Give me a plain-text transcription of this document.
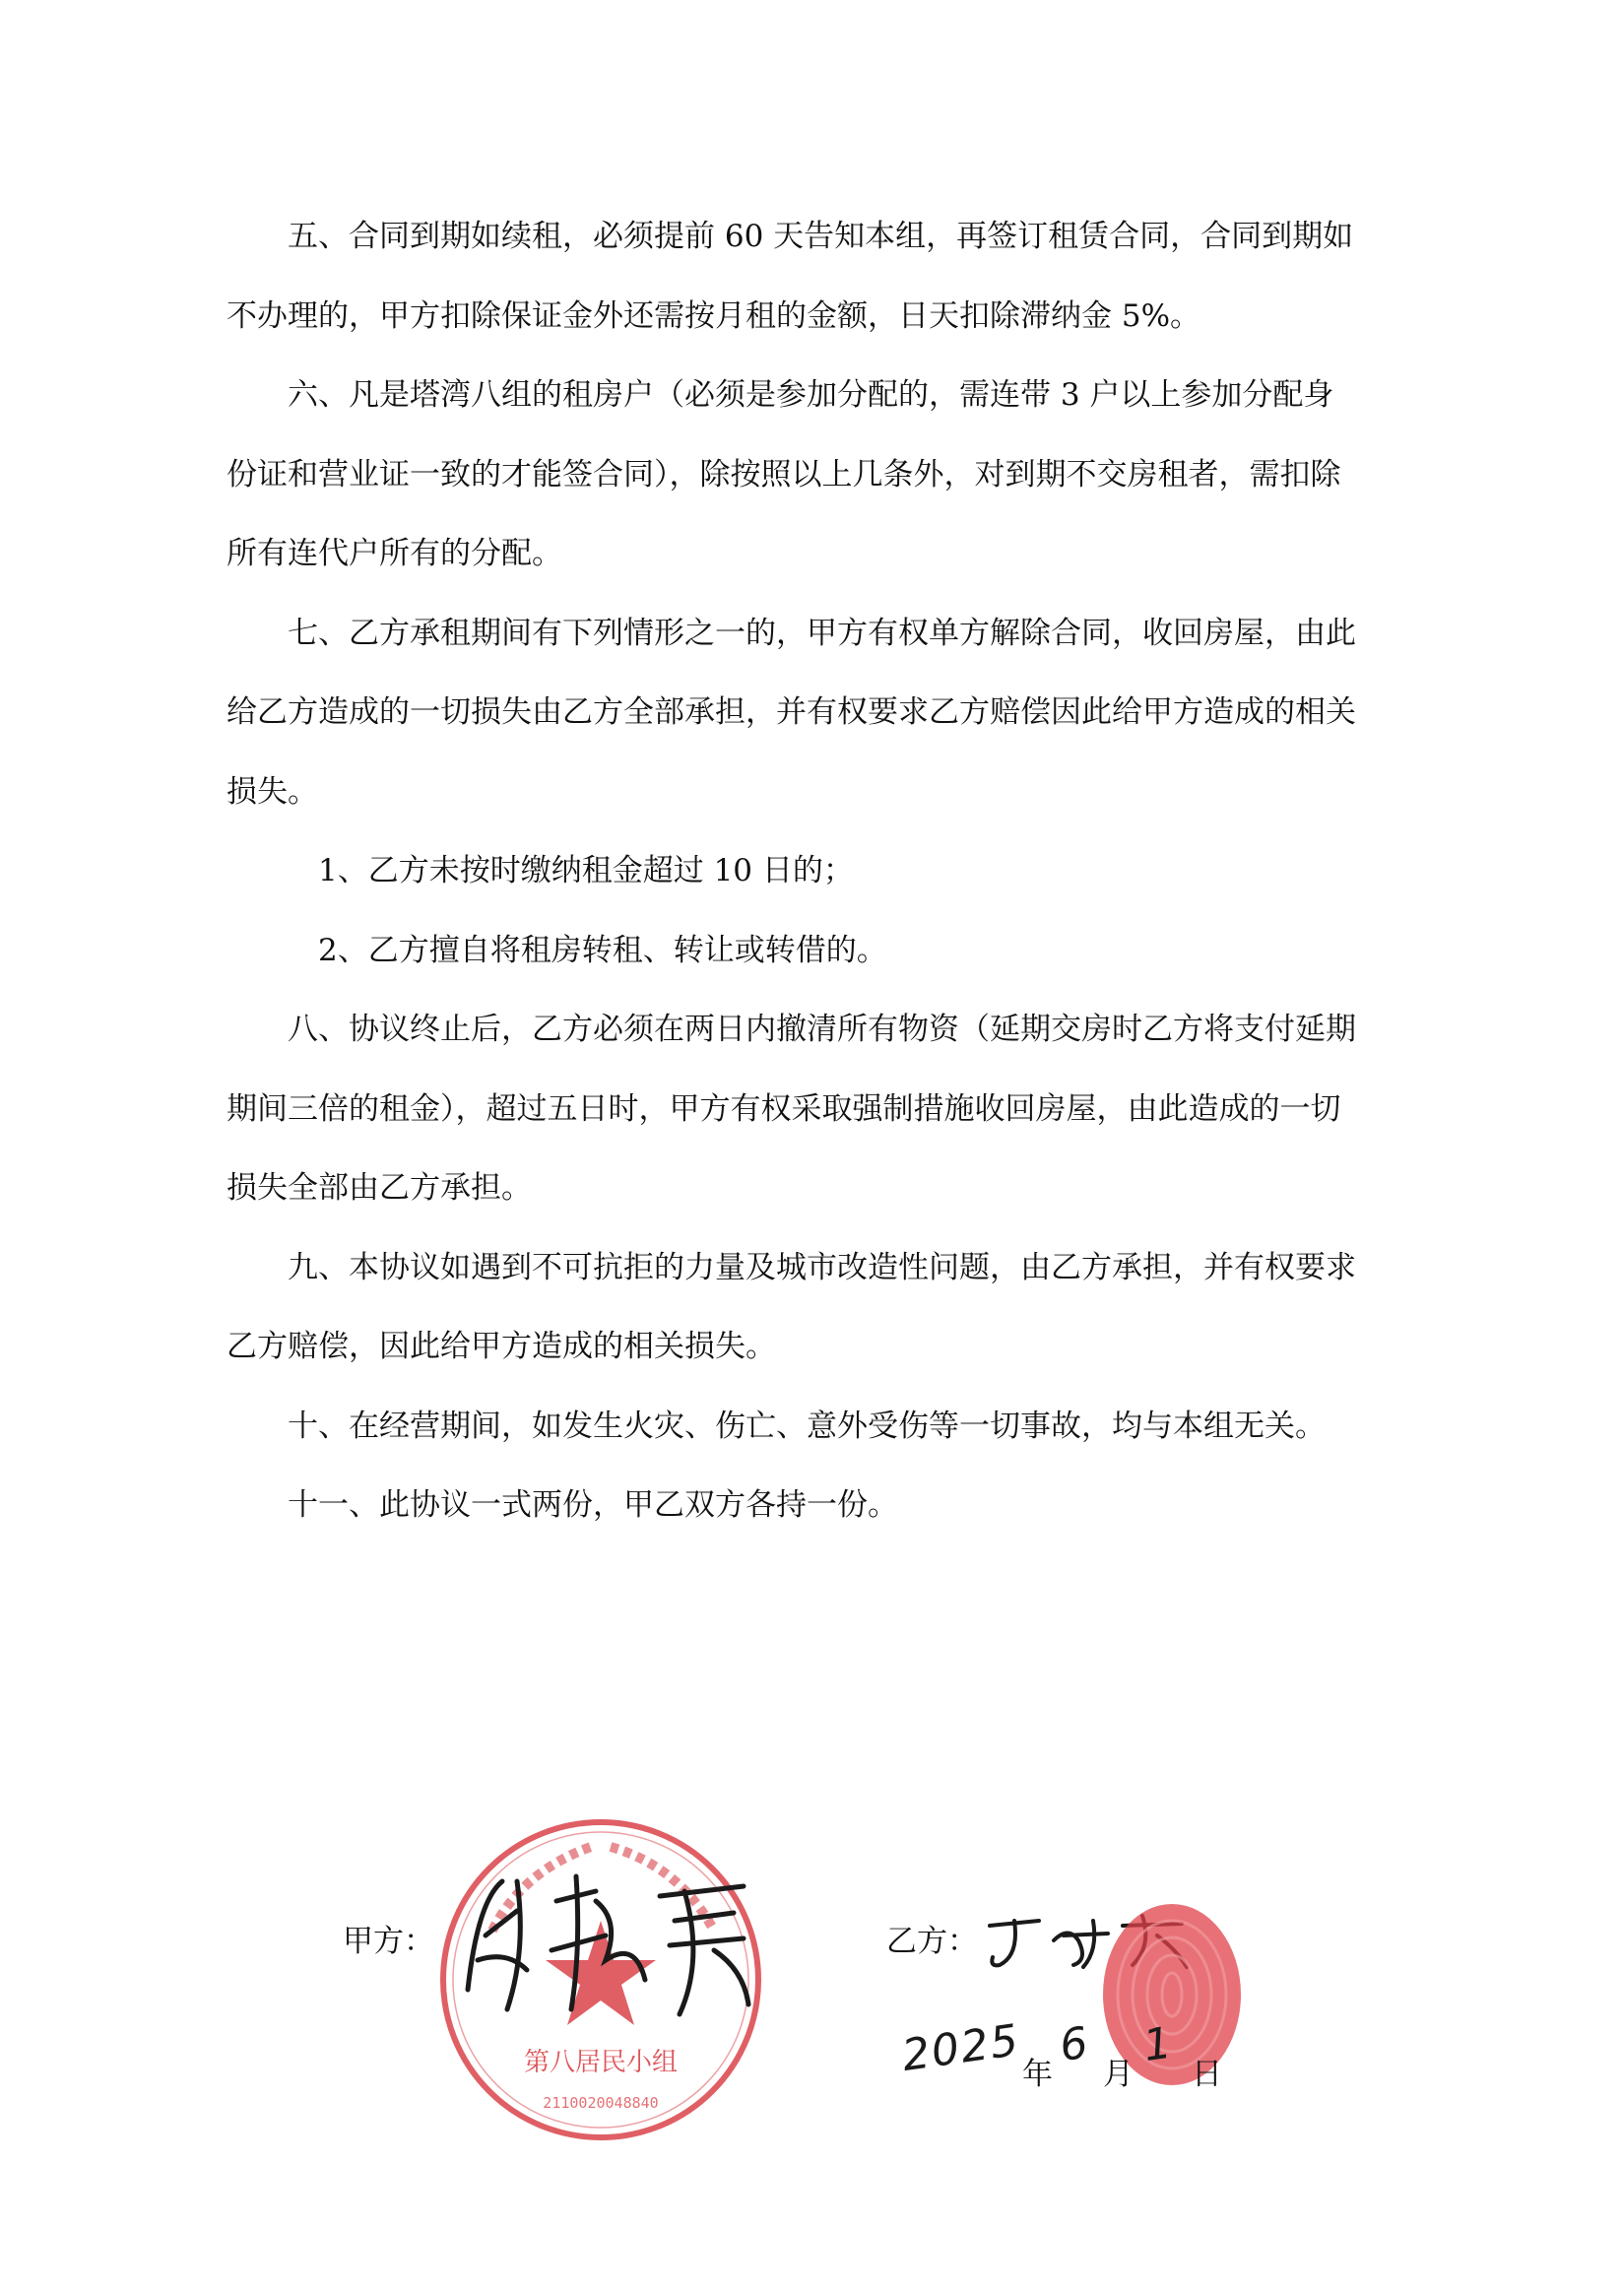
五、合同到期如续租，必须提前 60 天告知本组，再签订租赁合同，合同到期如不办理的，甲方扣除保证金外还需按月租的金额，日天扣除滞纳金 5%。

六、凡是塔湾八组的租房户（必须是参加分配的，需连带 3 户以上参加分配身份证和营业证一致的才能签合同），除按照以上几条外，对到期不交房租者，需扣除所有连代户所有的分配。

七、乙方承租期间有下列情形之一的，甲方有权单方解除合同，收回房屋，由此给乙方造成的一切损失由乙方全部承担，并有权要求乙方赔偿因此给甲方造成的相关损失。

1、乙方未按时缴纳租金超过 10 日的；

2、乙方擅自将租房转租、转让或转借的。

八、协议终止后，乙方必须在两日内撤清所有物资（延期交房时乙方将支付延期期间三倍的租金），超过五日时，甲方有权采取强制措施收回房屋，由此造成的一切损失全部由乙方承担。

九、本协议如遇到不可抗拒的力量及城市改造性问题，由乙方承担，并有权要求乙方赔偿，因此给甲方造成的相关损失。

十、在经营期间，如发生火灾、伤亡、意外受伤等一切事故，均与本组无关。

十一、此协议一式两份，甲乙双方各持一份。

第八居民小组
2110020048840
甲方：	乙方：
2025 年
6
月
1
日
